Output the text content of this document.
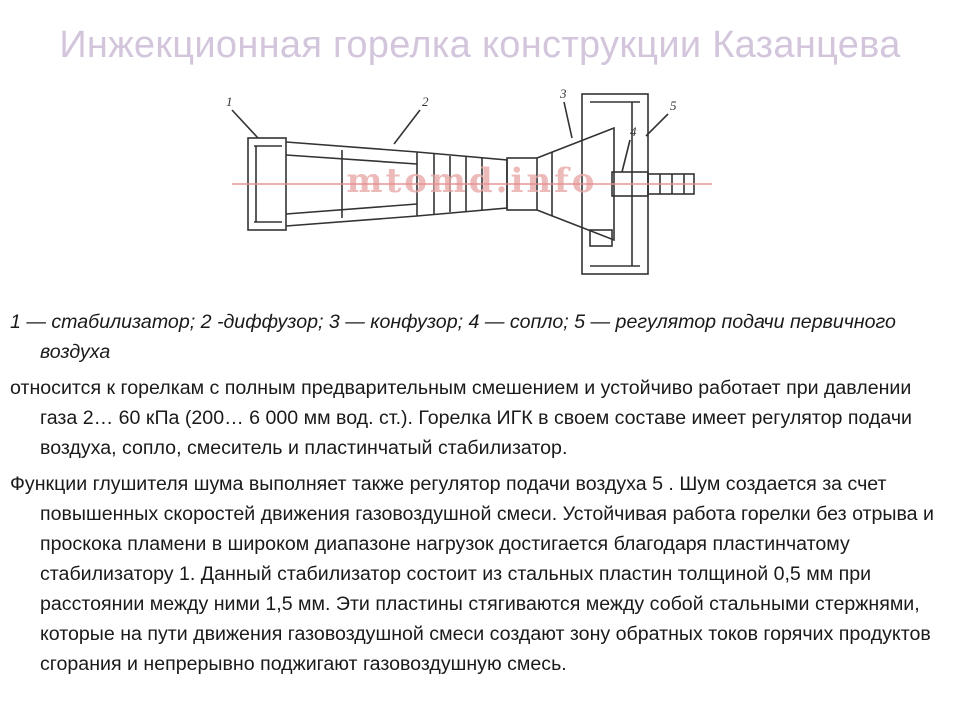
Инжекционная горелка конструкции Казанцева
mtomd.info
1	2
3
4
5

1 — стабилизатор; 2 -диффузор; 3 — конфузор; 4 — сопло; 5 — регулятор подачи первичного воздуха

относится к горелкам с полным предварительным смешением и устойчиво работает при давлении газа 2… 60 кПа (200… 6 000 мм вод. ст.). Горелка ИГК в своем составе имеет регулятор подачи воздуха, сопло, смеситель и пластинчатый стабилизатор.

Функции глушителя шума выполняет также регулятор подачи воздуха 5 . Шум создается за счет повышенных скоростей движения газовоздушной смеси. Устойчивая работа горелки без отрыва и проскока пламени в широком диапазоне нагрузок достигается благодаря пластинчатому стабилизатору 1. Данный стабилизатор состоит из стальных пластин толщиной 0,5 мм при расстоянии между ними 1,5 мм. Эти пластины стягиваются между собой стальными стержнями, которые на пути движения газовоздушной смеси создают зону обратных токов горячих продуктов сгорания и непрерывно поджигают газовоздушную смесь.
